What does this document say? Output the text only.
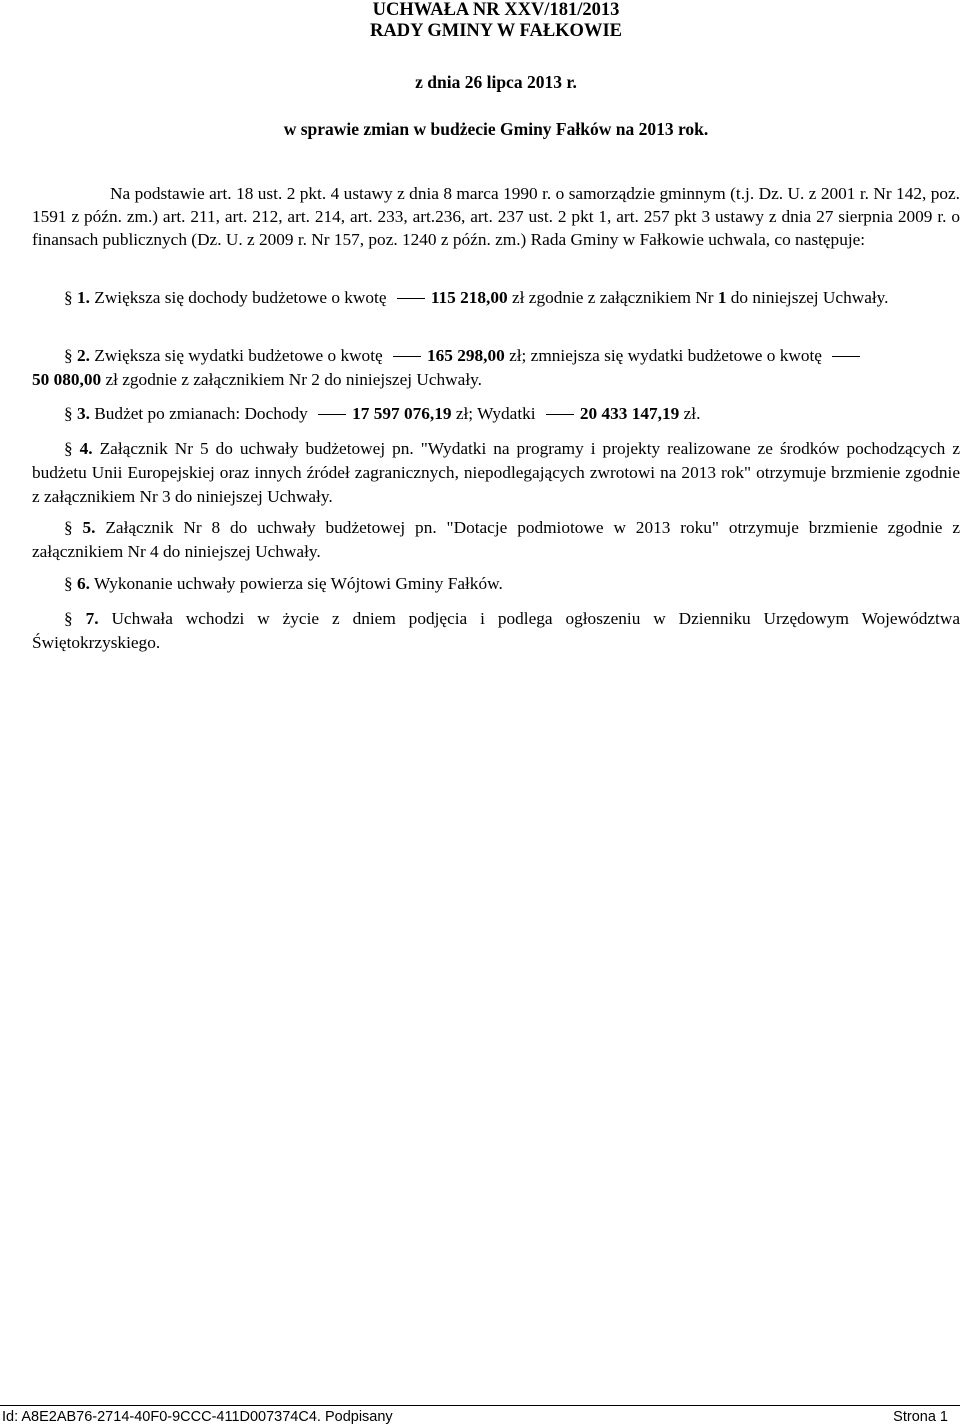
UCHWAŁA NR XXV/181/2013
RADY GMINY W FAŁKOWIE
z dnia 26 lipca 2013 r.
w sprawie zmian w budżecie Gminy Fałków na 2013 rok.
Na podstawie art. 18 ust. 2 pkt. 4 ustawy z dnia 8 marca 1990 r. o samorządzie gminnym (t.j. Dz. U. z 2001 r. Nr 142, poz. 1591 z późn. zm.) art. 211, art. 212, art. 214, art. 233, art.236, art. 237 ust. 2 pkt 1, art. 257 pkt 3 ustawy z dnia 27 sierpnia 2009 r. o finansach publicznych (Dz. U. z 2009 r. Nr 157, poz. 1240 z późn. zm.) Rada Gminy w Fałkowie uchwala, co następuje:
§ 1. Zwiększa się dochody budżetowe o kwotę 115 218,00 zł zgodnie z załącznikiem Nr 1 do niniejszej Uchwały.
§ 2. Zwiększa się wydatki budżetowe o kwotę 165 298,00 zł; zmniejsza się wydatki budżetowe o kwotę
50 080,00 zł zgodnie z załącznikiem Nr 2 do niniejszej Uchwały.
§ 3. Budżet po zmianach: Dochody 17 597 076,19 zł; Wydatki 20 433 147,19 zł.
§ 4. Załącznik Nr 5 do uchwały budżetowej pn. "Wydatki na programy i projekty realizowane ze środków pochodzących z budżetu Unii Europejskiej oraz innych źródeł zagranicznych, niepodlegających zwrotowi na 2013 rok" otrzymuje brzmienie zgodnie z załącznikiem Nr 3 do niniejszej Uchwały.
§ 5. Załącznik Nr 8 do uchwały budżetowej pn. "Dotacje podmiotowe w 2013 roku" otrzymuje brzmienie zgodnie z załącznikiem Nr 4 do niniejszej Uchwały.
§ 6. Wykonanie uchwały powierza się Wójtowi Gminy Fałków.
§ 7. Uchwała wchodzi w życie z dniem podjęcia i podlega ogłoszeniu w Dzienniku Urzędowym Województwa Świętokrzyskiego.
Id: A8E2AB76-2714-40F0-9CCC-411D007374C4. Podpisany	Strona 1
